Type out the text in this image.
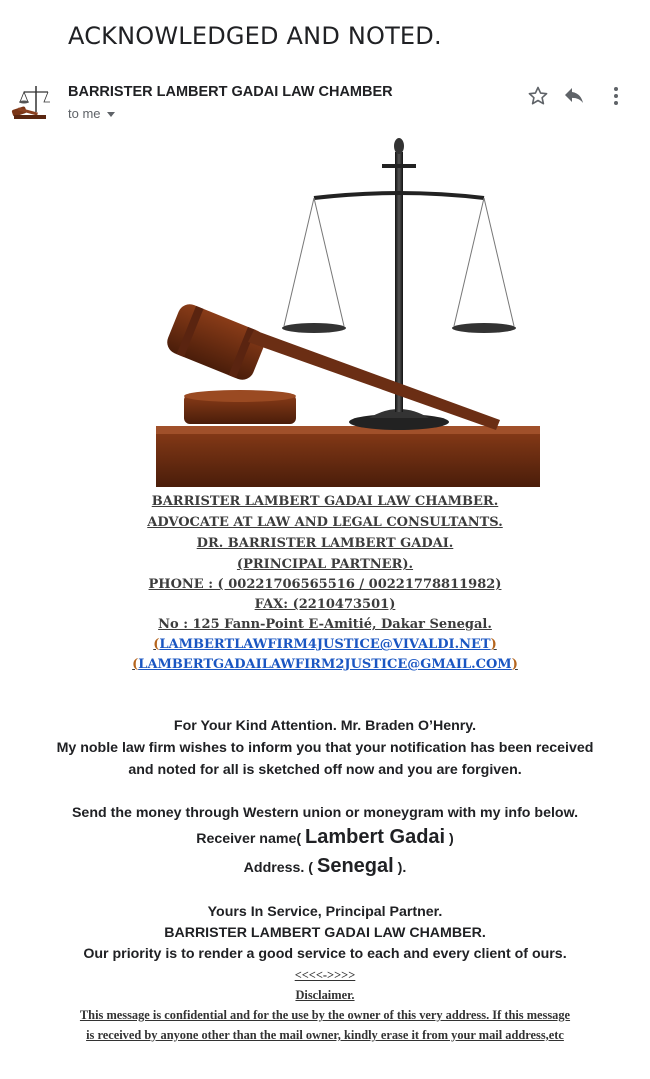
ACKNOWLEDGED AND NOTED.
BARRISTER LAMBERT GADAI LAW CHAMBER
to me
BARRISTER LAMBERT GADAI LAW CHAMBER.
ADVOCATE AT LAW AND LEGAL CONSULTANTS.
DR. BARRISTER LAMBERT GADAI.
(PRINCIPAL PARTNER).
PHONE : ( 00221706565516 / 00221778811982)
FAX: (2210473501)
No : 125 Fann-Point E-Amitié, Dakar Senegal.
(LAMBERTLAWFIRM4JUSTICE@VIVALDI.NET)
(LAMBERTGADAILAWFIRM2JUSTICE@GMAIL.COM)
For Your Kind Attention. Mr. Braden O’Henry.
My noble law firm wishes to inform you that your notification has been received
and noted for all is sketched off now and you are forgiven.
Send the money through Western union or moneygram with my info below.
Receiver name( Lambert Gadai )
Address. ( Senegal ).
Yours In Service, Principal Partner.
BARRISTER LAMBERT GADAI LAW CHAMBER.
Our priority is to render a good service to each and every client of ours.
<<<<->>>>
Disclaimer.
This message is confidential and for the use by the owner of this very address. If this message
is received by anyone other than the mail owner, kindly erase it from your mail address,etc
